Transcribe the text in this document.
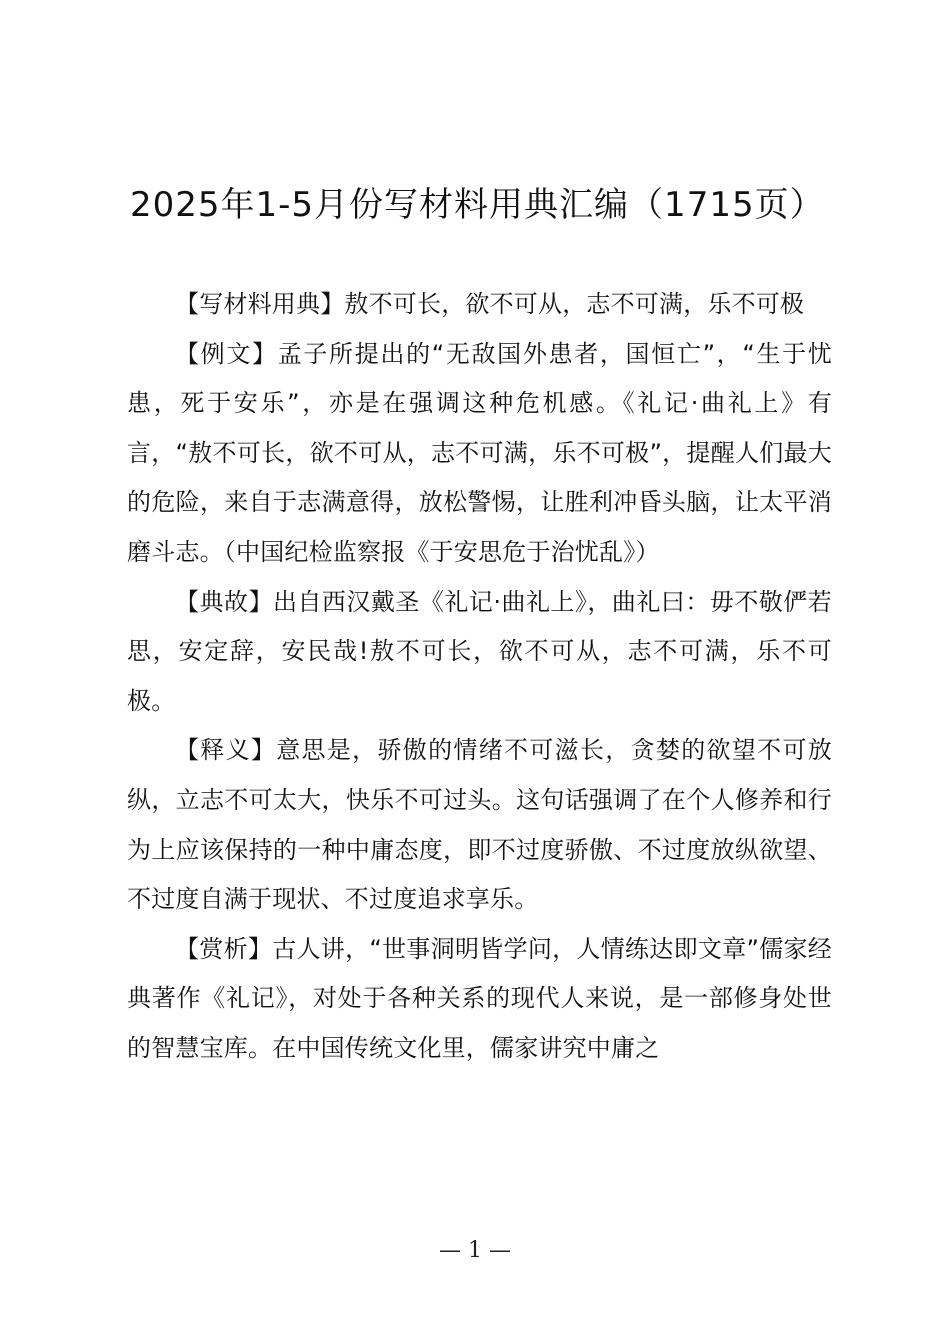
2025年1-5月份写材料用典汇编（1715页）

【写材料用典】敖不可长，欲不可从，志不可满，乐不可极

【例文】孟子所提出的“无敌国外患者，国恒亡”，“生于忧患，死于安乐”，亦是在强调这种危机感。《礼记·曲礼上》有言，“敖不可长，欲不可从，志不可满，乐不可极”，提醒人们最大的危险，来自于志满意得，放松警惕，让胜利冲昏头脑，让太平消磨斗志。（中国纪检监察报《于安思危于治忧乱》）

【典故】出自西汉戴圣《礼记·曲礼上》，曲礼曰：毋不敬俨若思，安定辞，安民哉!敖不可长，欲不可从，志不可满，乐不可极。

【释义】意思是，骄傲的情绪不可滋长，贪婪的欲望不可放纵，立志不可太大，快乐不可过头。这句话强调了在个人修养和行为上应该保持的一种中庸态度，即不过度骄傲、不过度放纵欲望、不过度自满于现状、不过度追求享乐。

【赏析】古人讲，“世事洞明皆学问，人情练达即文章”儒家经典著作《礼记》，对处于各种关系的现代人来说，是一部修身处世的智慧宝库。在中国传统文化里，儒家讲究中庸之

— 1 —
